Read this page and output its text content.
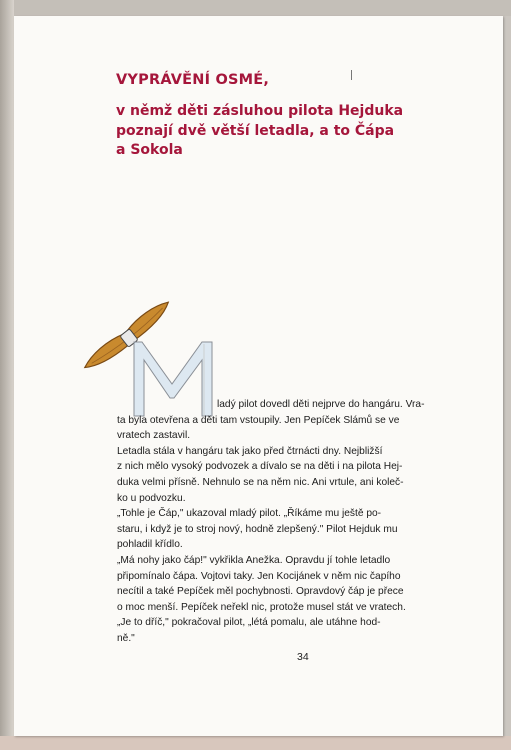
VYPRÁVĚNÍ OSMÉ,
v němž děti zásluhou pilota Hejduka
poznají dvě větší letadla, a to Čápa
a Sokola
ladý pilot dovedl děti nejprve do hangáru. Vra-
ta byla otevřena a děti tam vstoupily. Jen Pepíček Slámů se ve
vratech zastavil.
Letadla stála v hangáru tak jako před čtrnácti dny. Nejbližší
z nich mělo vysoký podvozek a dívalo se na děti i na pilota Hej-
duka velmi přísně. Nehnulo se na něm nic. Ani vrtule, ani koleč-
ko u podvozku.
„Tohle je Čáp," ukazoval mladý pilot. „Říkáme mu ještě po-
staru, i když je to stroj nový, hodně zlepšený." Pilot Hejduk mu
pohladil křídlo.
„Má nohy jako čáp!" vykřikla Anežka. Opravdu jí tohle letadlo
připomínalo čápa. Vojtovi taky. Jen Kocijánek v něm nic čapího
necítil a také Pepíček měl pochybnosti. Opravdový čáp je přece
o moc menší. Pepíček neřekl nic, protože musel stát ve vratech.
„Je to dříč," pokračoval pilot, „létá pomalu, ale utáhne hod-
ně."
34
